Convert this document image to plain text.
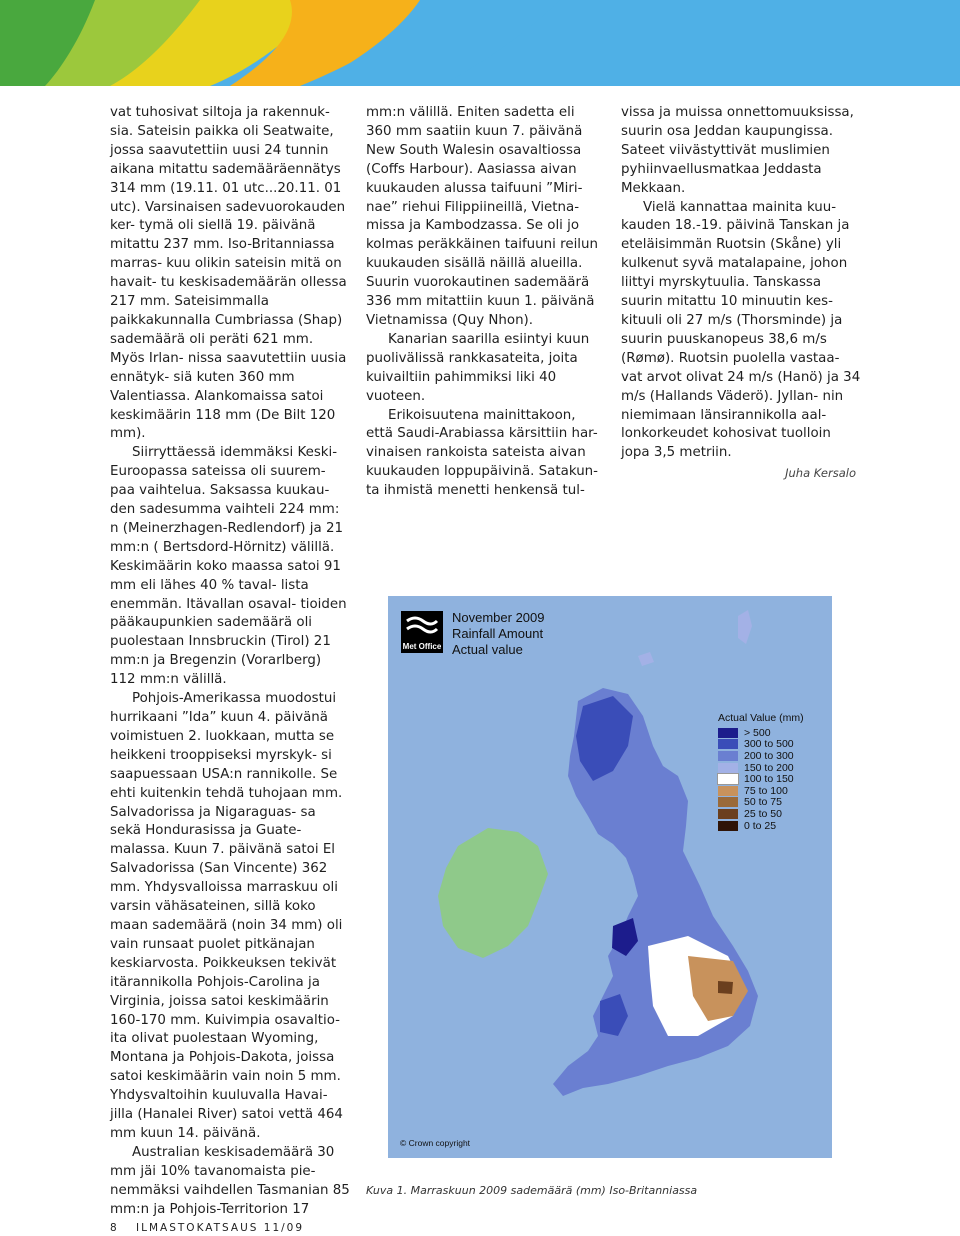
vat tuhosivat siltoja ja rakennuk- sia. Sateisin paikka oli Seatwaite, jossa saavutettiin uusi 24 tunnin aikana mitattu sademääräennätys 314 mm (19.11. 01 utc...20.11. 01 utc). Varsinaisen sadevuorokauden ker- tymä oli siellä 19. päivänä mitattu 237 mm. Iso-Britanniassa marras- kuu olikin sateisin mitä on havait- tu keskisademäärän ollessa 217 mm. Sateisimmalla paikkakunnalla Cumbriassa (Shap) sademäärä oli peräti 621 mm. Myös Irlan- nissa saavutettiin uusia ennätyk- siä kuten 360 mm Valentiassa. Alankomaissa satoi keskimäärin 118 mm (De Bilt 120 mm).

Siirryttäessä idemmäksi Keski- Euroopassa sateissa oli suurem- paa vaihtelua. Saksassa kuukau- den sadesumma vaihteli 224 mm: n (Meinerzhagen-Redlendorf) ja 21 mm:n ( Bertsdord-Hörnitz) välillä. Keskimäärin koko maassa satoi 91 mm eli lähes 40 % taval- lista enemmän. Itävallan osaval- tioiden pääkaupunkien sademäärä oli puolestaan Innsbruckin (Tirol) 21 mm:n ja Bregenzin (Vorarlberg) 112 mm:n välillä.

Pohjois-Amerikassa muodostui hurrikaani ”Ida” kuun 4. päivänä voimistuen 2. luokkaan, mutta se heikkeni trooppiseksi myrskyk- si saapuessaan USA:n rannikolle. Se ehti kuitenkin tehdä tuhojaan mm. Salvadorissa ja Nigaraguas- sa sekä Hondurasissa ja Guate- malassa. Kuun 7. päivänä satoi El Salvadorissa (San Vincente) 362 mm. Yhdysvalloissa marraskuu oli varsin vähäsateinen, sillä koko maan sademäärä (noin 34 mm) oli vain runsaat puolet pitkänajan keskiarvosta. Poikkeuksen tekivät itärannikolla Pohjois-Carolina ja Virginia, joissa satoi keskimäärin 160-170 mm. Kuivimpia osavaltio- ita olivat puolestaan Wyoming, Montana ja Pohjois-Dakota, joissa satoi keskimäärin vain noin 5 mm. Yhdysvaltoihin kuuluvalla Havai- jilla (Hanalei River) satoi vettä 464 mm kuun 14. päivänä.

Australian keskisademäärä 30 mm jäi 10% tavanomaista pie- nemmäksi vaihdellen Tasmanian 85 mm:n ja Pohjois-Territorion 17

mm:n välillä. Eniten sadetta eli 360 mm saatiin kuun 7. päivänä New South Walesin osavaltiossa (Coffs Harbour). Aasiassa aivan kuukauden alussa taifuuni ”Miri- nae” riehui Filippiineillä, Vietna- missa ja Kambodzassa. Se oli jo kolmas peräkkäinen taifuuni reilun kuukauden sisällä näillä alueilla. Suurin vuorokautinen sademäärä 336 mm mitattiin kuun 1. päivänä Vietnamissa (Quy Nhon).

Kanarian saarilla esiintyi kuun puolivälissä rankkasateita, joita kuivailtiin pahimmiksi liki 40 vuoteen.

Erikoisuutena mainittakoon, että Saudi-Arabiassa kärsittiin har- vinaisen rankoista sateista aivan kuukauden loppupäivinä. Satakun- ta ihmistä menetti henkensä tul-

vissa ja muissa onnettomuuksissa, suurin osa Jeddan kaupungissa. Sateet viivästyttivät muslimien pyhiinvaellusmatkaa Jeddasta Mekkaan.

Vielä kannattaa mainita kuu- kauden 18.-19. päivinä Tanskan ja eteläisimmän Ruotsin (Skåne) yli kulkenut syvä matalapaine, johon liittyi myrskytuulia. Tanskassa suurin mitattu 10 minuutin kes- kituuli oli 27 m/s (Thorsminde) ja suurin puuskanopeus 38,6 m/s (Rømø). Ruotsin puolella vastaa- vat arvot olivat 24 m/s (Hanö) ja 34 m/s (Hallands Väderö). Jyllan- nin niemimaan länsirannikolla aal- lonkorkeudet kohosivat tuolloin jopa 3,5 metriin.

Juha Kersalo
Met Office
November 2009
Rainfall Amount
Actual value
Actual Value (mm)
> 500
300 to 500
200 to 300
150 to 200
100 to 150
75 to 100
50 to 75
25 to 50
0 to 25
© Crown copyright
Kuva 1. Marraskuun 2009 sademäärä (mm) Iso-Britanniassa
8 ILMASTOKATSAUS 11/09
